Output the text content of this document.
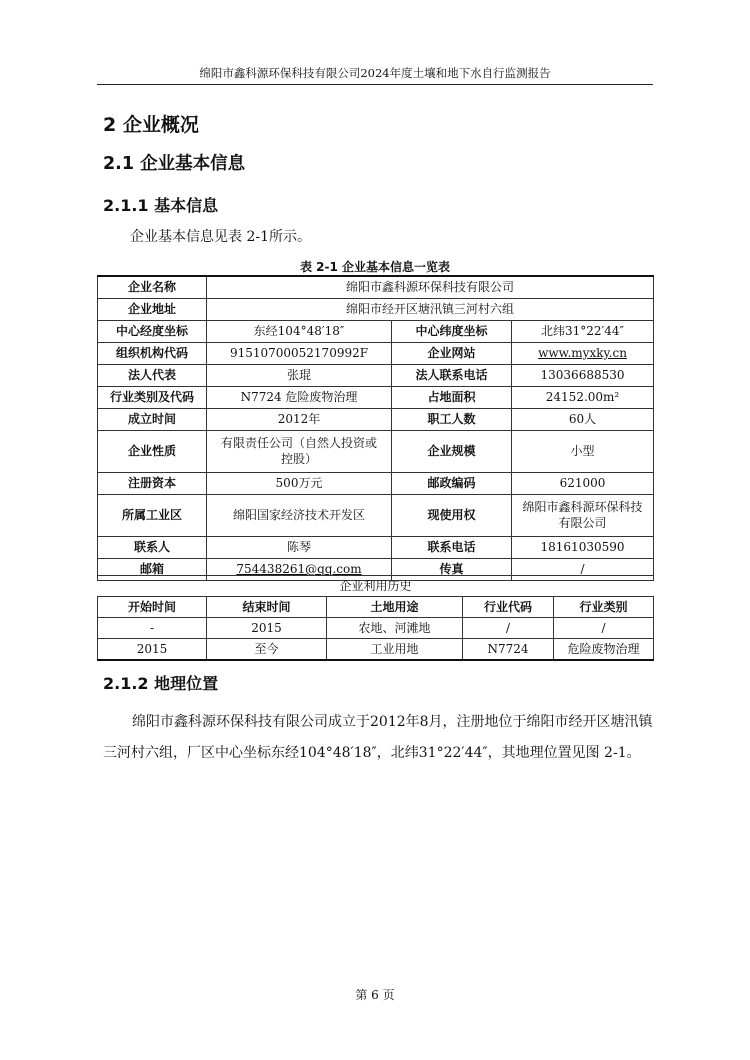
绵阳市鑫科源环保科技有限公司2024年度土壤和地下水自行监测报告
2 企业概况
2.1 企业基本信息
2.1.1 基本信息
企业基本信息见表 2-1所示。
表 2-1 企业基本信息一览表
企业名称	绵阳市鑫科源环保科技有限公司		
企业地址	绵阳市经开区塘汛镇三河村六组		
中心经度坐标	东经104°48′18″	中心纬度坐标	北纬31°22′44″
组织机构代码	91510700052170992F	企业网站	www.myxky.cn
法人代表	张琨	法人联系电话	13036688530
行业类别及代码	N7724 危险废物治理	占地面积	24152.00m²
成立时间	2012年	职工人数	60人
企业性质	有限责任公司（自然人投资或控股）	企业规模	小型
注册资本	500万元	邮政编码	621000
所属工业区	绵阳国家经济技术开发区	现使用权	绵阳市鑫科源环保科技有限公司
联系人	陈琴	联系电话	18161030590
邮箱	754438261@qq.com	传真	/
企业利用历史				
开始时间	结束时间	土地用途	行业代码	行业类别
-	2015	农地、河滩地	/	/
2015	至今	工业用地	N7724	危险废物治理
2.1.2 地理位置
绵阳市鑫科源环保科技有限公司成立于2012年8月，注册地位于绵阳市经开区塘汛镇三河村六组，厂区中心坐标东经104°48′18″，北纬31°22′44″，其地理位置见图 2-1。
第 6 页
